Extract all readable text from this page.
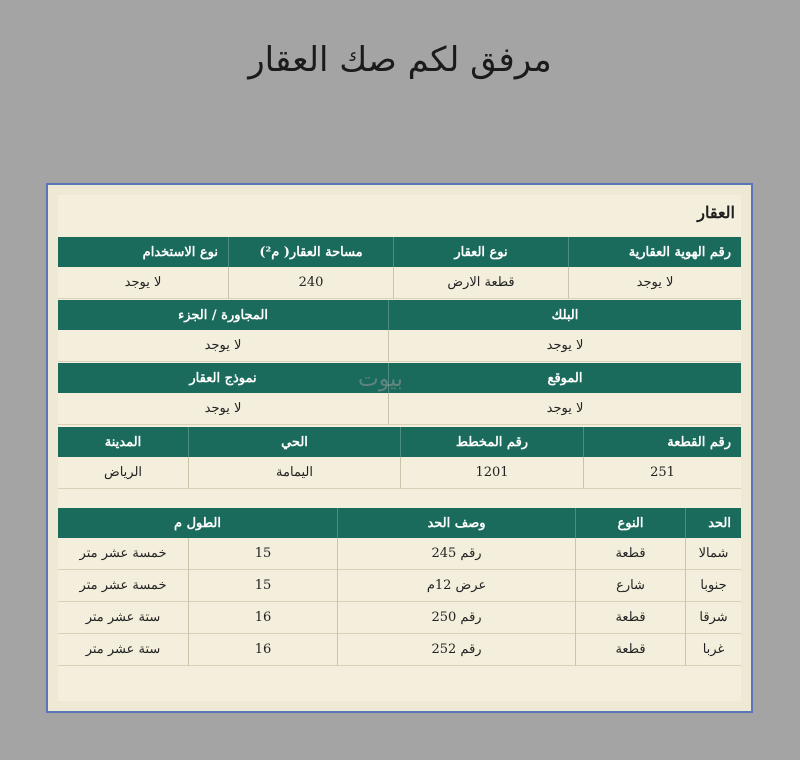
مرفق لكم صك العقار
العقار
رقم الهوية العقارية
نوع العقار
مساحة العقار( م²)
نوع الاستخدام
لا يوجد
قطعة الارض
240
لا يوجد
البلك
المجاورة / الجزء
لا يوجد
لا يوجد
الموقع
نموذج العقار
لا يوجد
لا يوجد
بيوت
رقم القطعة
رقم المخطط
الحي
المدينة
251
1201
اليمامة
الرياض
الحد
النوع
وصف الحد
الطول م
شمالا
قطعة
رقم 245
15
خمسة عشر متر
جنوبا
شارع
عرض 12م
15
خمسة عشر متر
شرقا
قطعة
رقم 250
16
ستة عشر متر
غربا
قطعة
رقم 252
16
ستة عشر متر
